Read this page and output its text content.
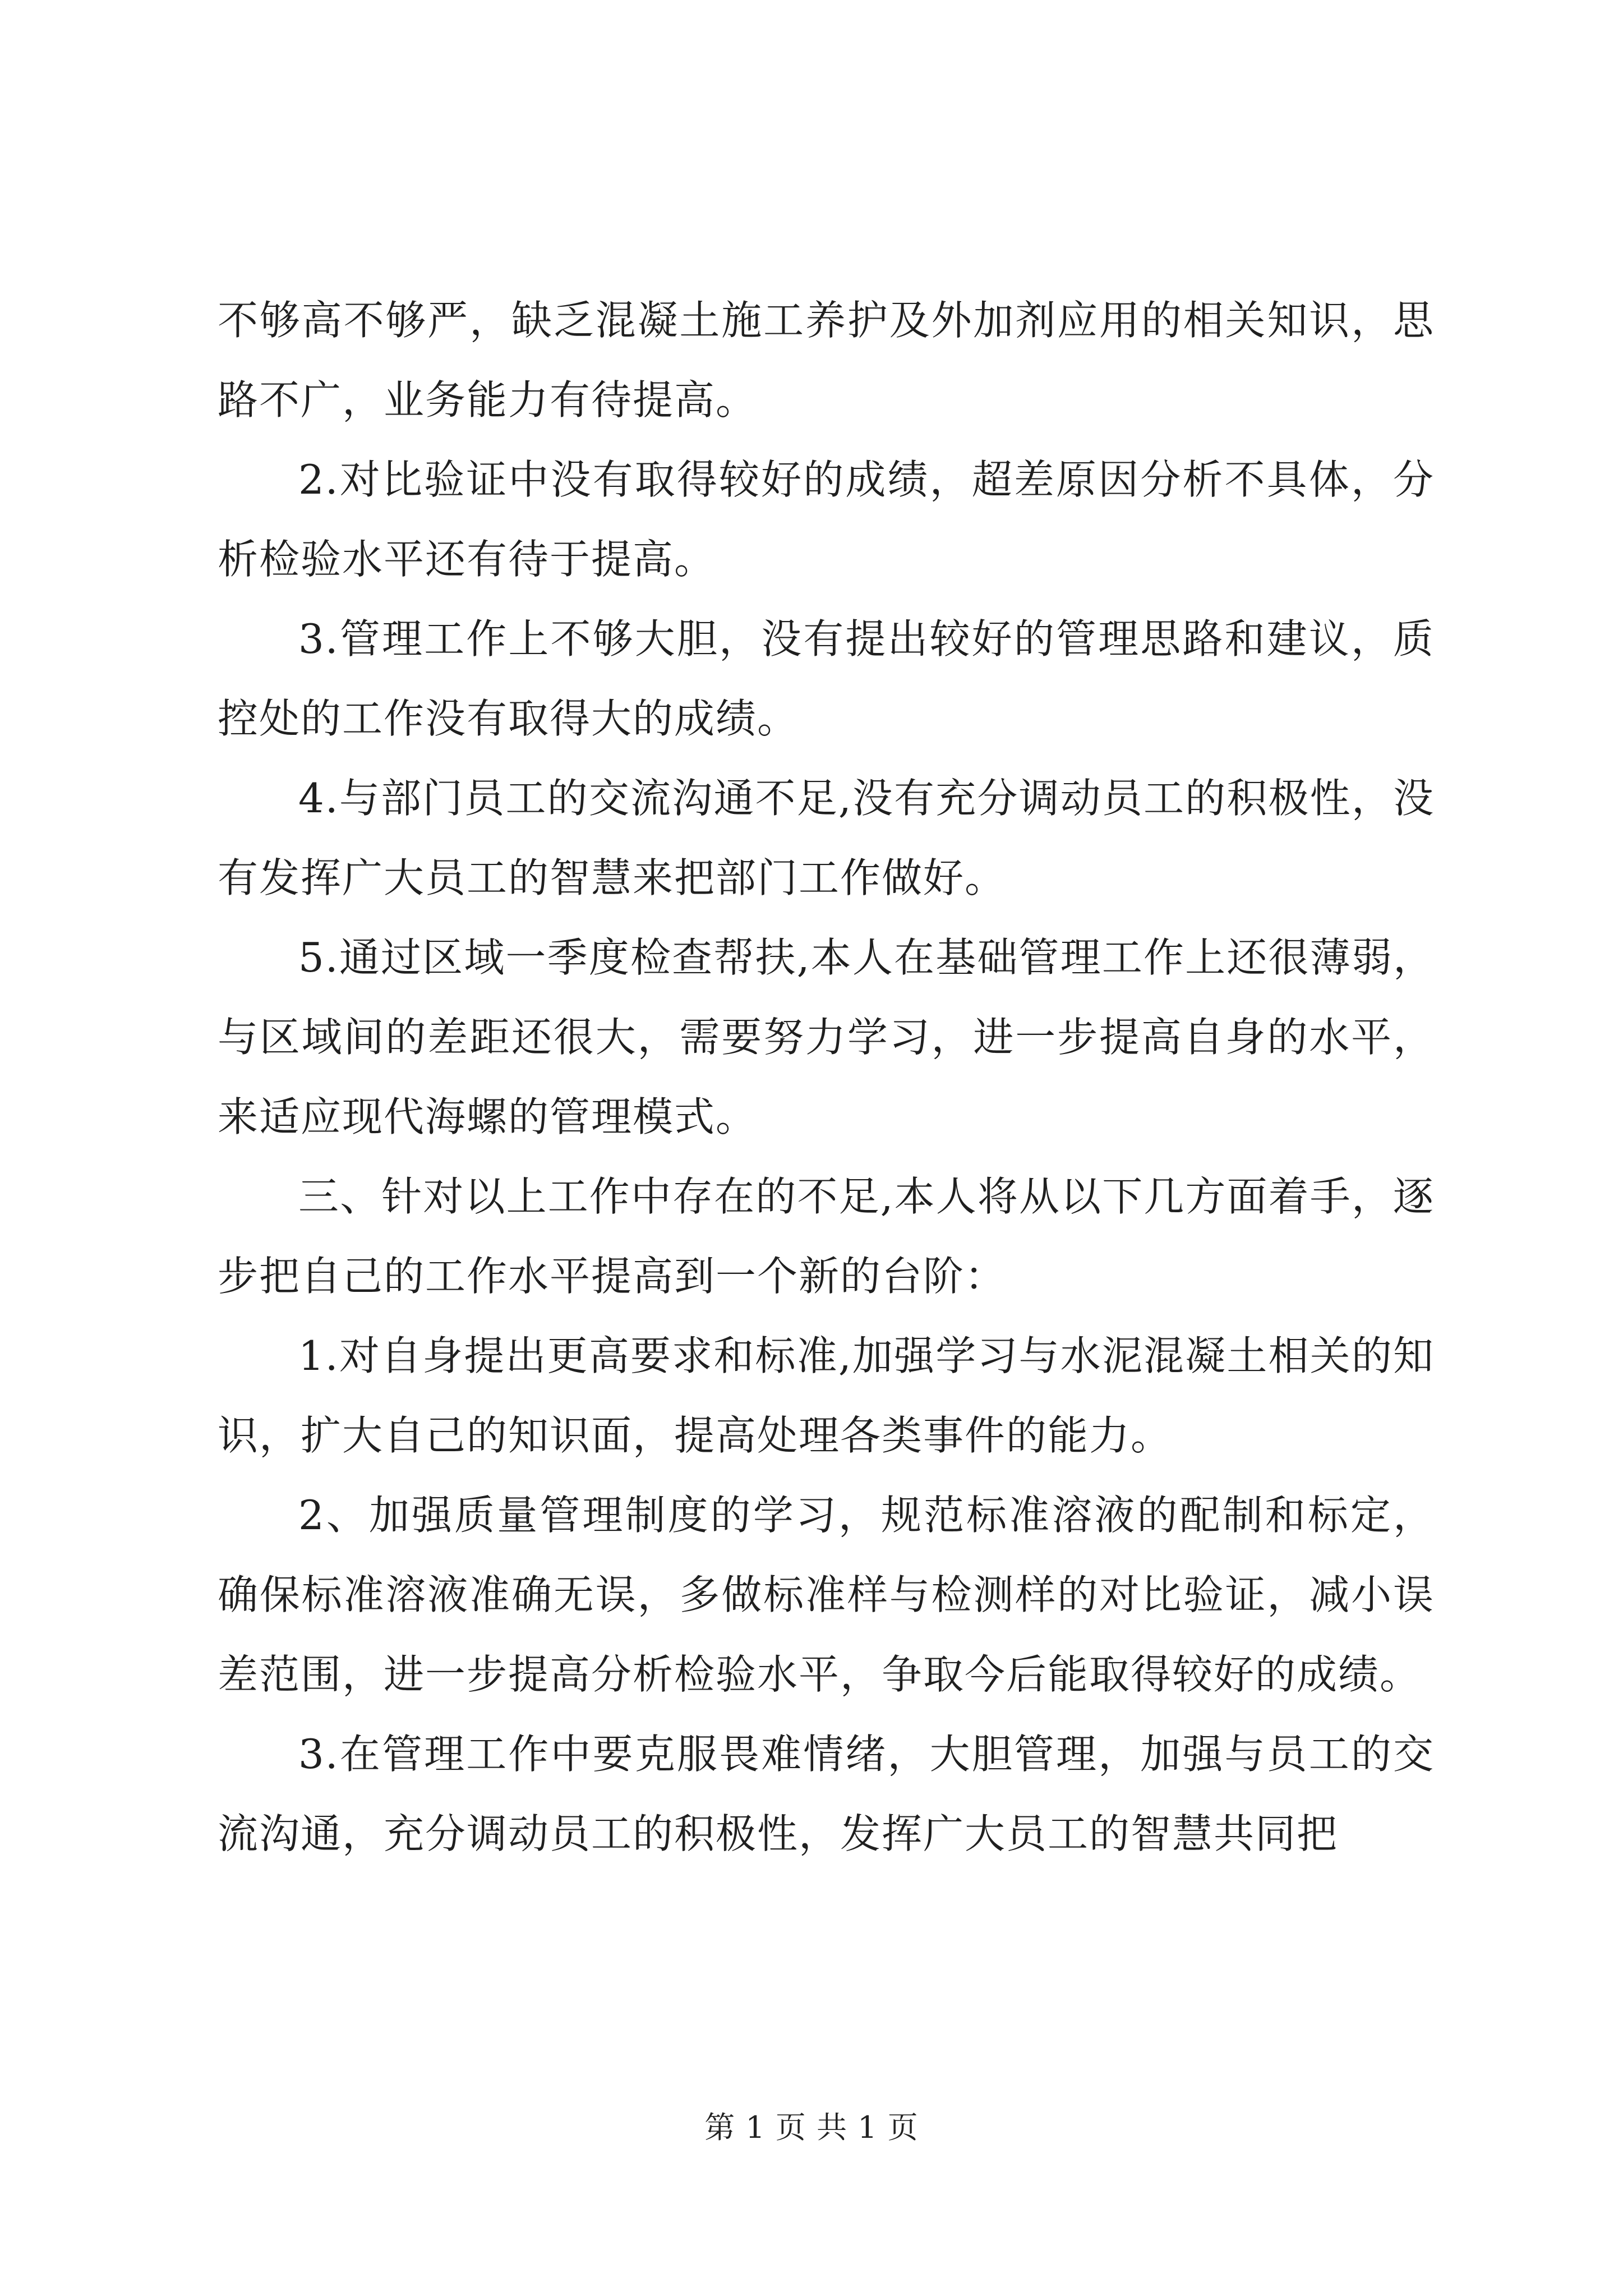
不够高不够严，缺乏混凝土施工养护及外加剂应用的相关知识，思路不广，业务能力有待提高。

2.对比验证中没有取得较好的成绩，超差原因分析不具体，分析检验水平还有待于提高。

3.管理工作上不够大胆，没有提出较好的管理思路和建议，质控处的工作没有取得大的成绩。

4.与部门员工的交流沟通不足,没有充分调动员工的积极性，没有发挥广大员工的智慧来把部门工作做好。

5.通过区域一季度检查帮扶,本人在基础管理工作上还很薄弱，与区域间的差距还很大，需要努力学习，进一步提高自身的水平，来适应现代海螺的管理模式。

三、针对以上工作中存在的不足,本人将从以下几方面着手，逐步把自己的工作水平提高到一个新的台阶：

1.对自身提出更高要求和标准,加强学习与水泥混凝土相关的知识，扩大自己的知识面，提高处理各类事件的能力。

2、加强质量管理制度的学习，规范标准溶液的配制和标定，确保标准溶液准确无误，多做标准样与检测样的对比验证，减小误差范围，进一步提高分析检验水平，争取今后能取得较好的成绩。

3.在管理工作中要克服畏难情绪，大胆管理，加强与员工的交流沟通，充分调动员工的积极性，发挥广大员工的智慧共同把

第 1 页 共 1 页
